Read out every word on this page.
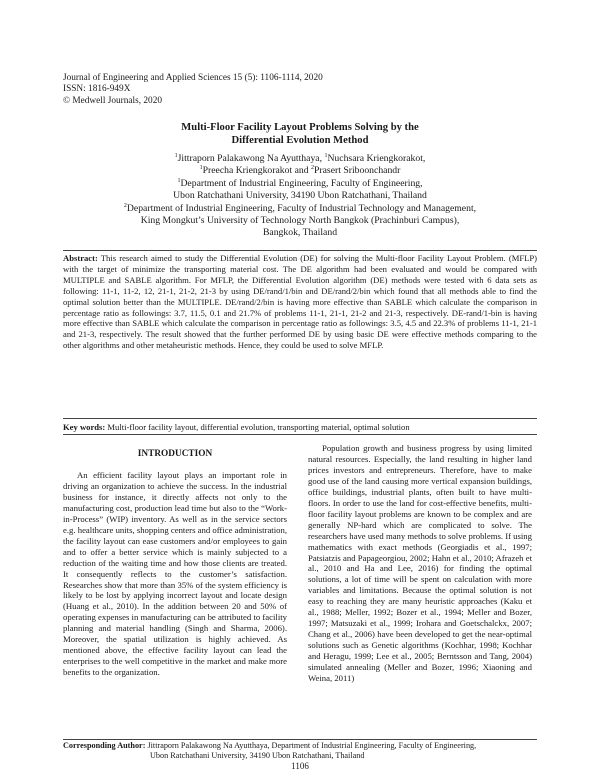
Journal of Engineering and Applied Sciences 15 (5): 1106-1114, 2020
ISSN: 1816-949X
© Medwell Journals, 2020
Multi-Floor Facility Layout Problems Solving by the
Differential Evolution Method
$^1$Jittraporn Palakawong Na Ayutthaya, $^1$Nuchsara Kriengkorakot,
$^1$Preecha Kriengkorakot and $^2$Prasert Sriboonchandr
$^1$Department of Industrial Engineering, Faculty of Engineering,
Ubon Ratchathani University, 34190 Ubon Ratchathani, Thailand
$^2$Department of Industrial Engineering, Faculty of Industrial Technology and Management,
King Mongkut’s University of Technology North Bangkok (Prachinburi Campus),
Bangkok, Thailand
Abstract: This research aimed to study the Differential Evolution (DE) for solving the Multi-floor Facility Layout Problem. (MFLP) with the target of minimize the transporting material cost. The DE algorithm had been evaluated and would be compared with MULTIPLE and SABLE algorithm. For MFLP, the Differential Evolution algorithm (DE) methods were tested with 6 data sets as following: 11-1, 11-2, 12, 21-1, 21-2, 21-3 by using DE/rand/1/bin and DE/rand/2/bin which found that all methods able to find the optimal solution better than the MULTIPLE. DE/rand/2/bin is having more effective than SABLE which calculate the comparison in percentage ratio as followings: 3.7, 11.5, 0.1 and 21.7% of problems 11-1, 21-1, 21-2 and 21-3, respectively. DE-rand/1-bin is having more effective than SABLE which calculate the comparison in percentage ratio as followings: 3.5, 4.5 and 22.3% of problems 11-1, 21-1 and 21-3, respectively. The result showed that the further performed DE by using basic DE were effective methods comparing to the other algorithms and other metaheuristic methods. Hence, they could be used to solve MFLP.
Key words: Multi-floor facility layout, differential evolution, transporting material, optimal solution
INTRODUCTION

An efficient facility layout plays an important role in driving an organization to achieve the success. In the industrial business for instance, it directly affects not only to the manufacturing cost, production lead time but also to the “Work-in-Process” (WIP) inventory. As well as in the service sectors e.g. healthcare units, shopping centers and office administration, the facility layout can ease customers and/or employees to gain and to offer a better service which is mainly subjected to a reduction of the waiting time and how those clients are treated. It consequently reflects to the customer’s satisfaction. Researches show that more than 35% of the system efficiency is likely to be lost by applying incorrect layout and locate design (Huang et al., 2010). In the addition between 20 and 50% of operating expenses in manufacturing can be attributed to facility planning and material handling (Singh and Sharma, 2006). Moreover, the spatial utilization is highly achieved. As mentioned above, the effective facility layout can lead the enterprises to the well competitive in the market and make more benefits to the organization.

Population growth and business progress by using limited natural resources. Especially, the land resulting in higher land prices investors and entrepreneurs. Therefore, have to make good use of the land causing more vertical expansion buildings, office buildings, industrial plants, often built to have multi-floors. In order to use the land for cost-effective benefits, multi-floor facility layout problems are known to be complex and are generally NP-hard which are complicated to solve. The researchers have used many methods to solve problems. If using mathematics with exact methods (Georgiadis et al., 1997; Patsiatzis and Papageorgiou, 2002; Hahn et al., 2010; Afrazeh et al., 2010 and Ha and Lee, 2016) for finding the optimal solutions, a lot of time will be spent on calculation with more variables and limitations. Because the optimal solution is not easy to reaching they are many heuristic approaches (Kaku et al., 1988; Meller, 1992; Bozer et al., 1994; Meller and Bozer, 1997; Matsuzaki et al., 1999; Irohara and Goetschalckx, 2007; Chang et al., 2006) have been developed to get the near-optimal solutions such as Genetic algorithms (Kochhar, 1998; Kochhar and Heragu, 1999; Lee et al., 2005; Berntsson and Tang, 2004) simulated annealing (Meller and Bozer, 1996; Xiaoning and Weina, 2011)

Corresponding Author: Jittraporn Palakawong Na Ayutthaya, Department of Industrial Engineering, Faculty of Engineering,
Ubon Ratchathani University, 34190 Ubon Ratchathani, Thailand
1106
